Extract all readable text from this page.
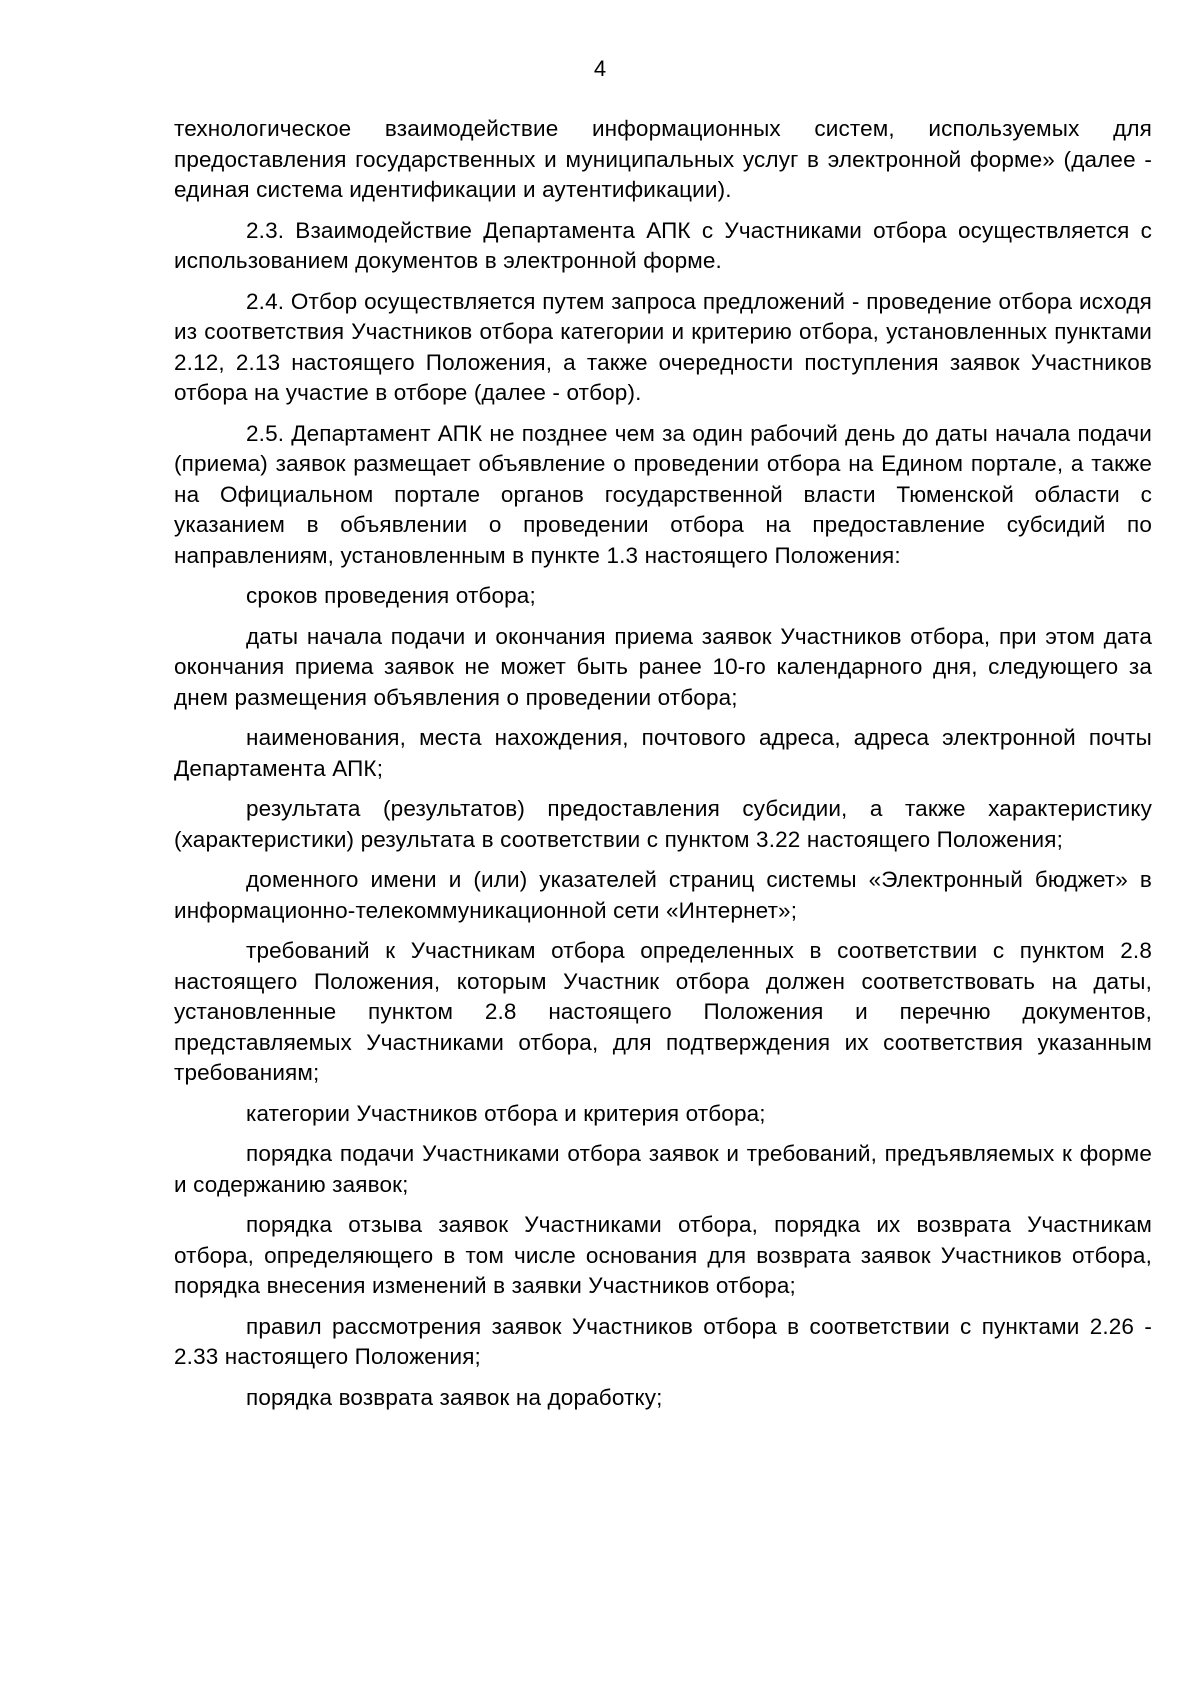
4

технологическое взаимодействие информационных систем, используемых для предоставления государственных и муниципальных услуг в электронной форме» (далее - единая система идентификации и аутентификации).

2.3. Взаимодействие Департамента АПК с Участниками отбора осуществляется с использованием документов в электронной форме.

2.4. Отбор осуществляется путем запроса предложений - проведение отбора исходя из соответствия Участников отбора категории и критерию отбора, установленных пунктами 2.12, 2.13 настоящего Положения, а также очередности поступления заявок Участников отбора на участие в отборе (далее - отбор).

2.5. Департамент АПК не позднее чем за один рабочий день до даты начала подачи (приема) заявок размещает объявление о проведении отбора на Едином портале, а также на Официальном портале органов государственной власти Тюменской области с указанием в объявлении о проведении отбора на предоставление субсидий по направлениям, установленным в пункте 1.3 настоящего Положения:

сроков проведения отбора;

даты начала подачи и окончания приема заявок Участников отбора, при этом дата окончания приема заявок не может быть ранее 10-го календарного дня, следующего за днем размещения объявления о проведении отбора;

наименования, места нахождения, почтового адреса, адреса электронной почты Департамента АПК;

результата (результатов) предоставления субсидии, а также характеристику (характеристики) результата в соответствии с пунктом 3.22 настоящего Положения;

доменного имени и (или) указателей страниц системы «Электронный бюджет» в информационно-телекоммуникационной сети «Интернет»;

требований к Участникам отбора определенных в соответствии с пунктом 2.8 настоящего Положения, которым Участник отбора должен соответствовать на даты, установленные пунктом 2.8 настоящего Положения и перечню документов, представляемых Участниками отбора, для подтверждения их соответствия указанным требованиям;

категории Участников отбора и критерия отбора;

порядка подачи Участниками отбора заявок и требований, предъявляемых к форме и содержанию заявок;

порядка отзыва заявок Участниками отбора, порядка их возврата Участникам отбора, определяющего в том числе основания для возврата заявок Участников отбора, порядка внесения изменений в заявки Участников отбора;

правил рассмотрения заявок Участников отбора в соответствии с пунктами 2.26 - 2.33 настоящего Положения;

порядка возврата заявок на доработку;
